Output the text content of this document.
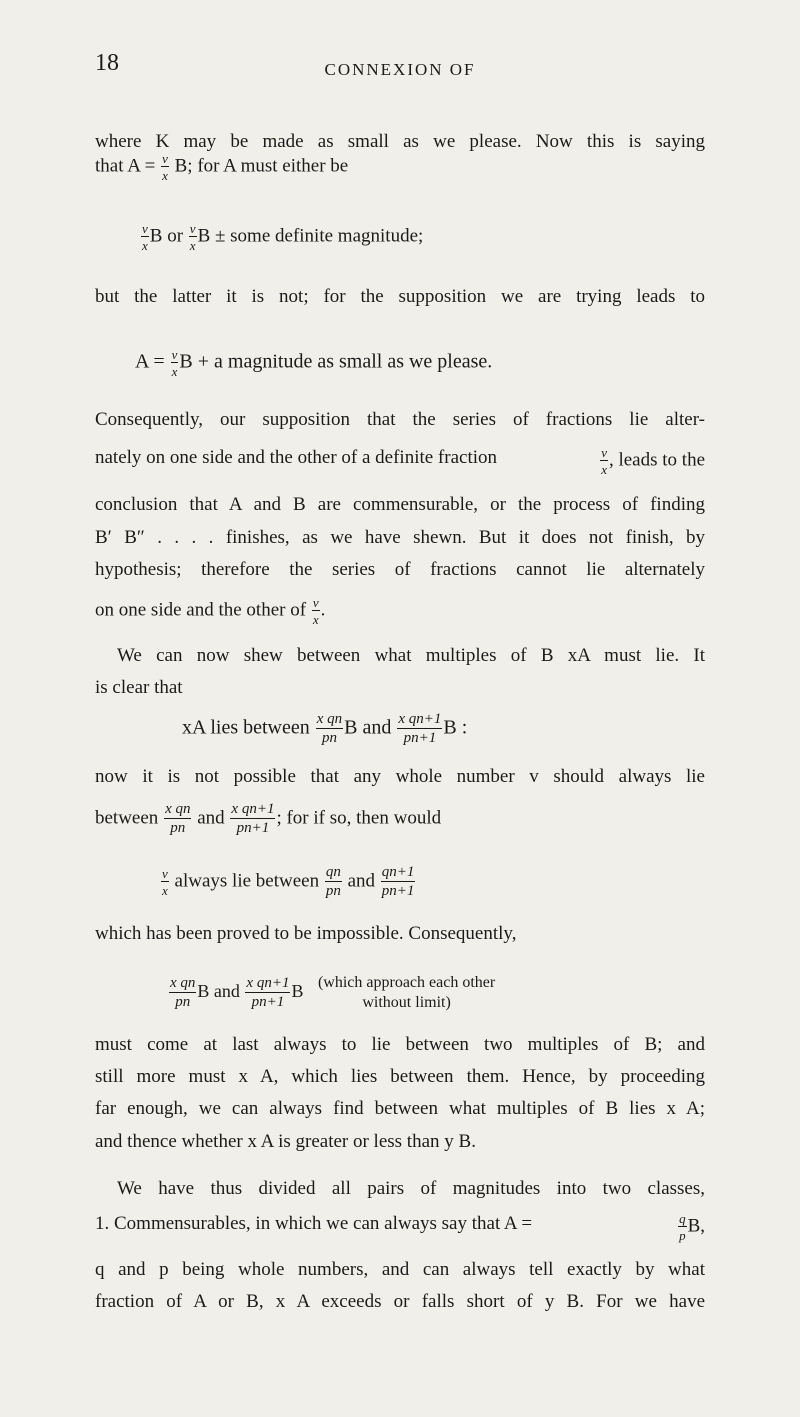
18	CONNEXION OF
where K may be made as small as we please. Now this is saying
that $A = \frac{v}{x} B$; for A must either be
$\frac{v}{x}$ B or $\frac{v}{x}$ B ± some definite magnitude;
but the latter it is not; for the supposition we are trying leads to
$A = \frac{v}{x}$ B + a magnitude as small as we please.
Consequently, our supposition that the series of fractions lie alter-
nately on one side and the other of a definite fraction	$\frac{v}{x}$ , leads to the
conclusion that A and B are commensurable, or the process of finding
B′ B″ . . . . finishes, as we have shewn. But it does not finish, by
hypothesis; therefore the series of fractions cannot lie alternately
on one side and the other of $\frac{v}{x}$ .
We can now shew between what multiples of B xA must lie. It
is clear that
xA lies between $\frac{\text{x qn}}{pn}$ B and $\frac{\text{x qn+1}}{pn+1}$ B :
now it is not possible that any whole number v should always lie
between $\frac{\text{x qn}}{pn}$ and $\frac{\text{x qn+1}}{pn+1}$ ; for if so, then would
$\frac{v}{x}$ always lie between $\frac{qn}{pn}$ and $\frac{qn+1}{pn+1}$
which has been proved to be impossible. Consequently,
$\frac{\text{x qn}}{pn}$ B and $\frac{\text{x qn+1}}{pn+1}$ B (which approach each other
without limit)
must come at last always to lie between two multiples of B; and
still more must x A, which lies between them. Hence, by proceeding
far enough, we can always find between what multiples of B lies x A;
and thence whether x A is greater or less than y B.
We have thus divided all pairs of magnitudes into two classes,
1. Commensurables, in which we can always say that A =	$\frac{q}{p} B$,
q and p being whole numbers, and can always tell exactly by what
fraction of A or B, x A exceeds or falls short of y B. For we have
